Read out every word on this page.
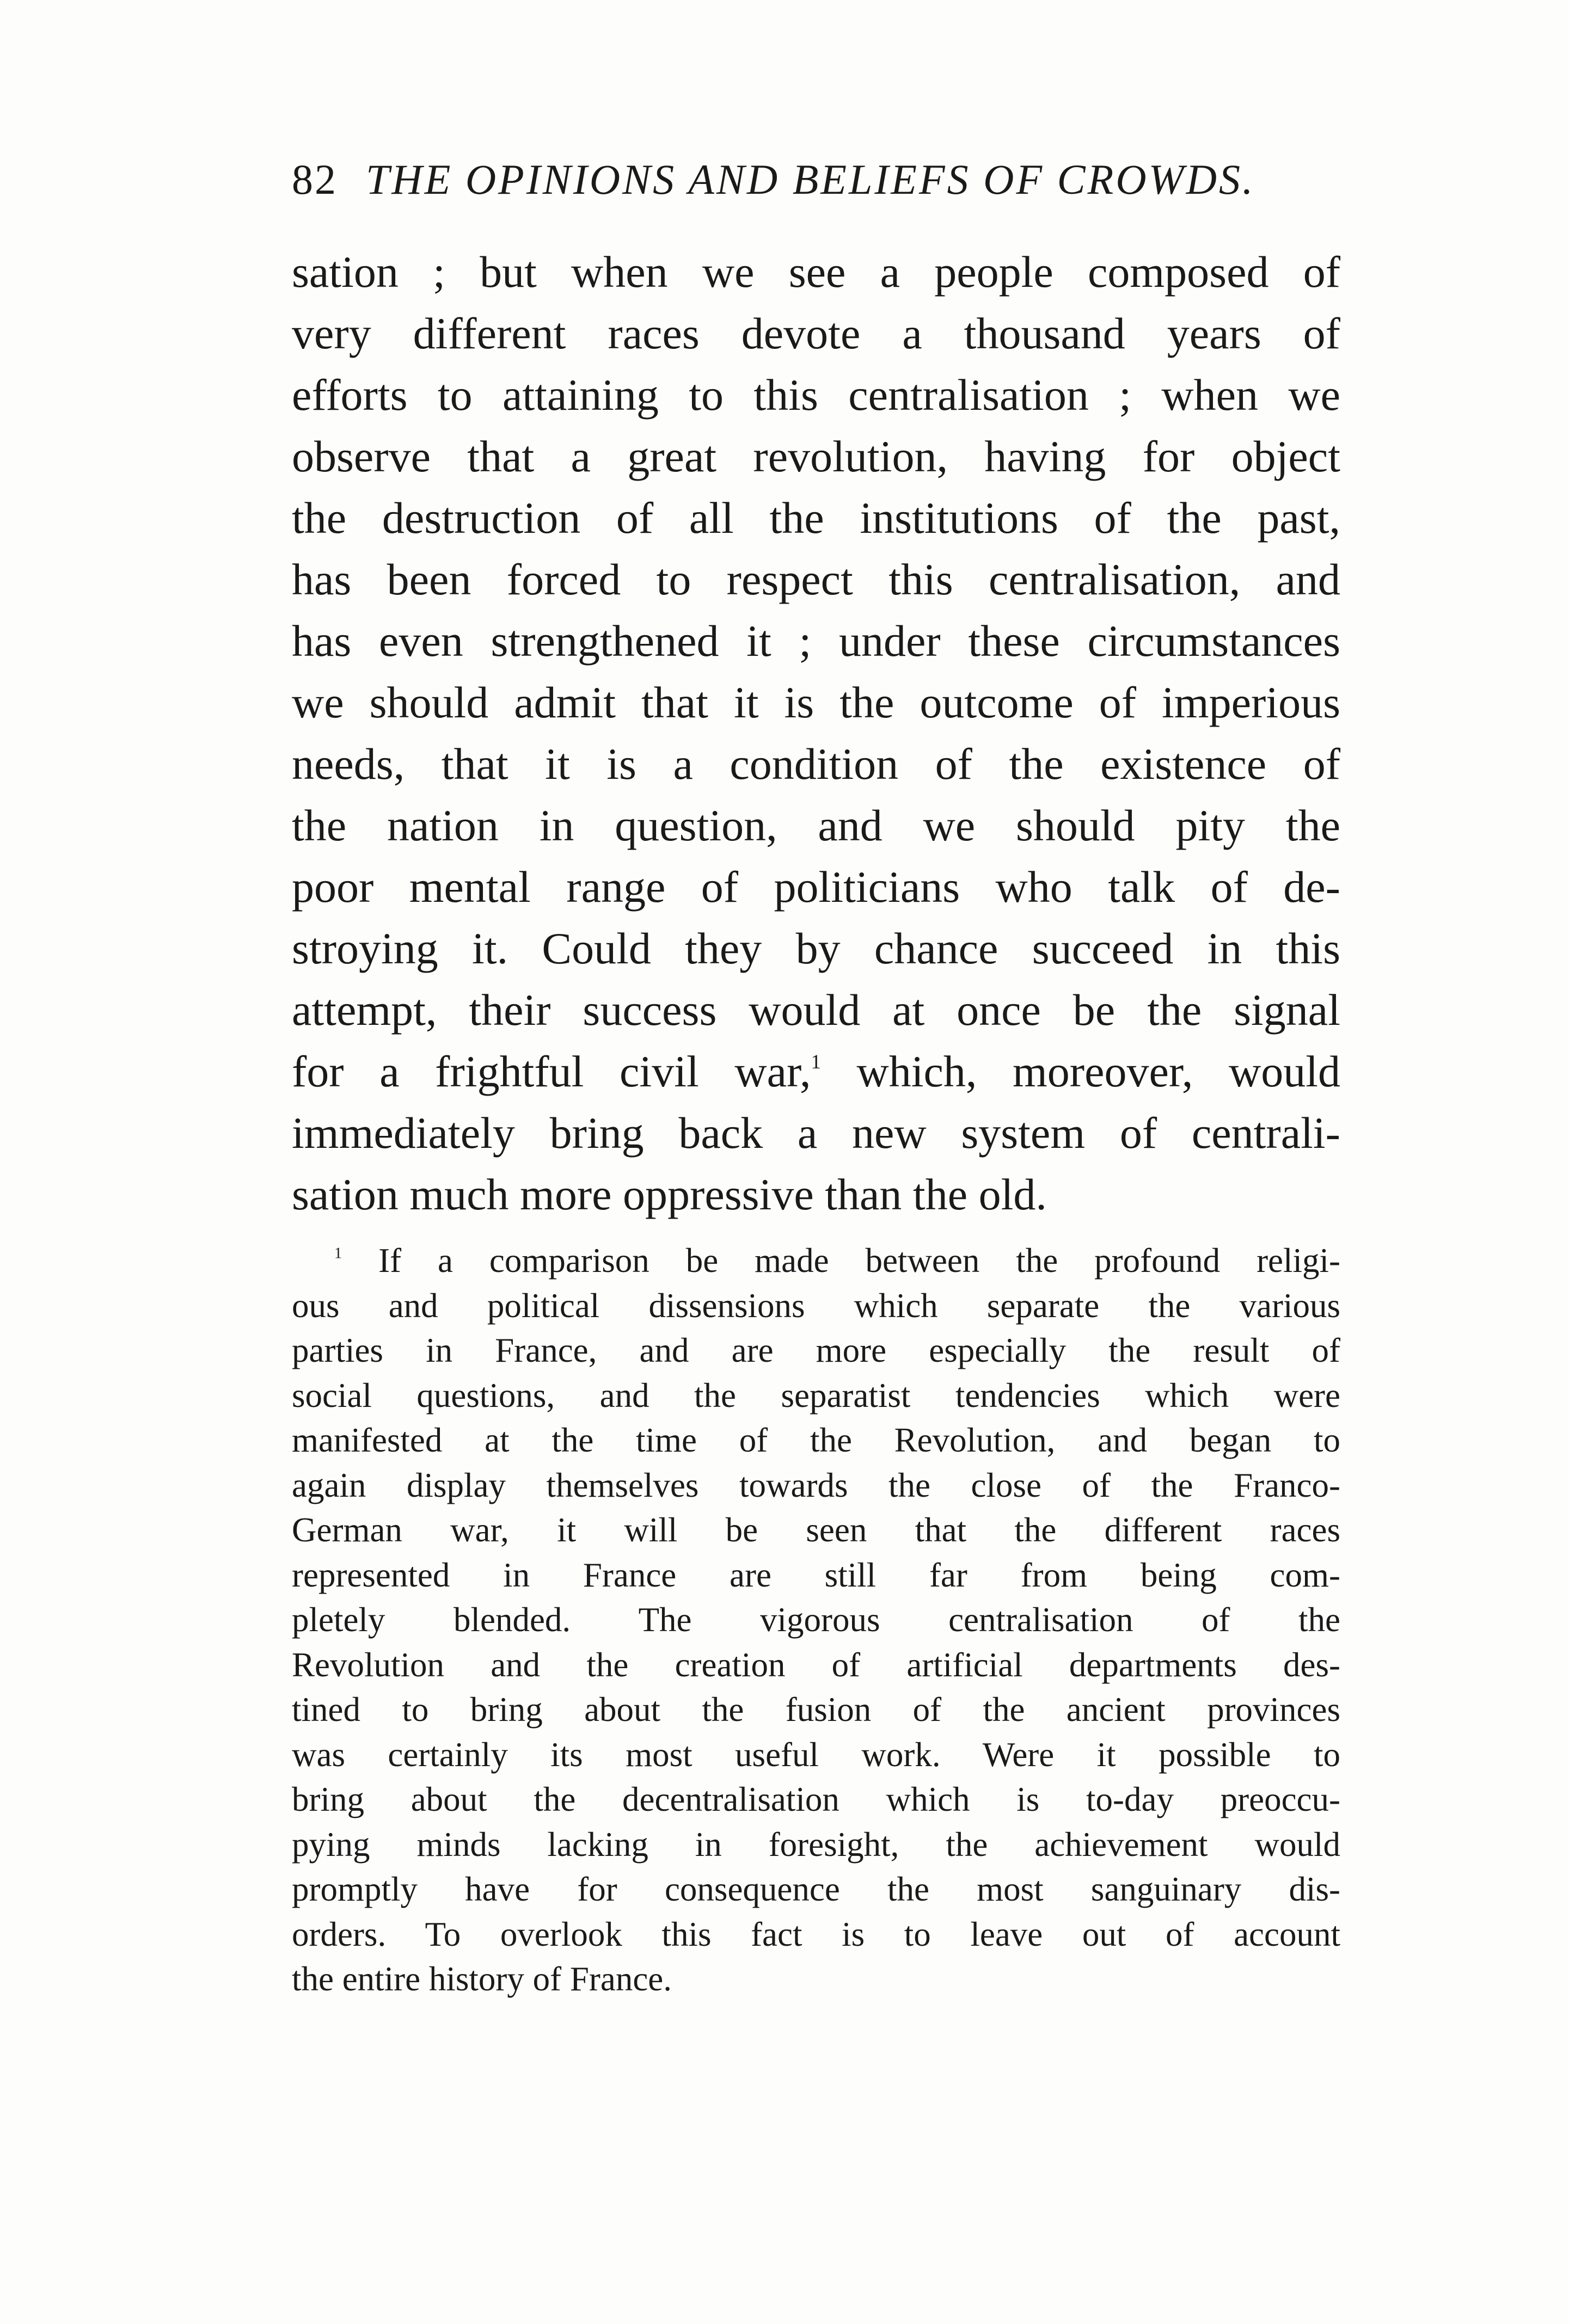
82 THE OPINIONS AND BELIEFS OF CROWDS.
sation ; but when we see a people composed of
very different races devote a thousand years of
efforts to attaining to this centralisation ; when we
observe that a great revolution, having for object
the destruction of all the institutions of the past,
has been forced to respect this centralisation, and
has even strengthened it ; under these circumstances
we should admit that it is the outcome of imperious
needs, that it is a condition of the existence of
the nation in question, and we should pity the
poor mental range of politicians who talk of de-
stroying it. Could they by chance succeed in this
attempt, their success would at once be the signal
for a frightful civil war,$^1$ which, moreover, would
immediately bring back a new system of centrali-
sation much more oppressive than the old.
$^1$ If a comparison be made between the profound religi-
ous and political dissensions which separate the various
parties in France, and are more especially the result of
social questions, and the separatist tendencies which were
manifested at the time of the Revolution, and began to
again display themselves towards the close of the Franco-
German war, it will be seen that the different races
represented in France are still far from being com-
pletely blended. The vigorous centralisation of the
Revolution and the creation of artificial departments des-
tined to bring about the fusion of the ancient provinces
was certainly its most useful work. Were it possible to
bring about the decentralisation which is to-day preoccu-
pying minds lacking in foresight, the achievement would
promptly have for consequence the most sanguinary dis-
orders. To overlook this fact is to leave out of account
the entire history of France.
